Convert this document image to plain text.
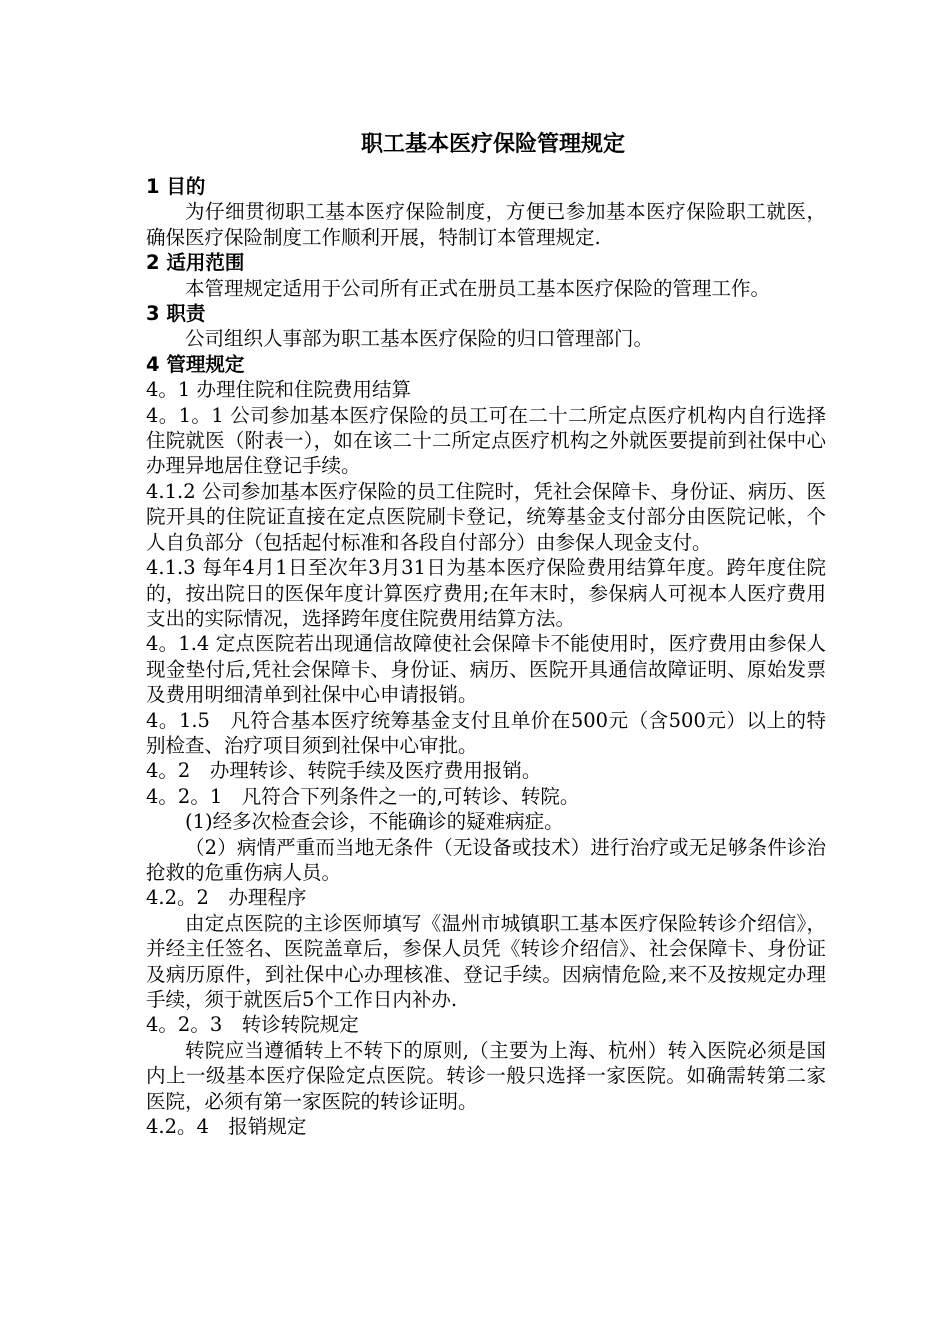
职工基本医疗保险管理规定
1 目的
为仔细贯彻职工基本医疗保险制度，方便已参加基本医疗保险职工就医，确保医疗保险制度工作顺利开展，特制订本管理规定.
2 适用范围
本管理规定适用于公司所有正式在册员工基本医疗保险的管理工作。
3 职责
公司组织人事部为职工基本医疗保险的归口管理部门。
4 管理规定
4。1 办理住院和住院费用结算
4。1。1 公司参加基本医疗保险的员工可在二十二所定点医疗机构内自行选择住院就医（附表一），如在该二十二所定点医疗机构之外就医要提前到社保中心办理异地居住登记手续。
4.1.2 公司参加基本医疗保险的员工住院时，凭社会保障卡、身份证、病历、医院开具的住院证直接在定点医院刷卡登记，统筹基金支付部分由医院记帐，个人自负部分（包括起付标准和各段自付部分）由参保人现金支付。
4.1.3 每年4月1日至次年3月31日为基本医疗保险费用结算年度。跨年度住院的，按出院日的医保年度计算医疗费用;在年末时，参保病人可视本人医疗费用支出的实际情况，选择跨年度住院费用结算方法。
4。1.4 定点医院若出现通信故障使社会保障卡不能使用时，医疗费用由参保人现金垫付后,凭社会保障卡、身份证、病历、医院开具通信故障证明、原始发票及费用明细清单到社保中心申请报销。
4。1.5　凡符合基本医疗统筹基金支付且单价在500元（含500元）以上的特别检查、治疗项目须到社保中心审批。
4。2　办理转诊、转院手续及医疗费用报销。
4。2。1　凡符合下列条件之一的,可转诊、转院。
(1)经多次检查会诊，不能确诊的疑难病症。
（2）病情严重而当地无条件（无设备或技术）进行治疗或无足够条件诊治抢救的危重伤病人员。
4.2。2　办理程序
由定点医院的主诊医师填写《温州市城镇职工基本医疗保险转诊介绍信》，并经主任签名、医院盖章后，参保人员凭《转诊介绍信》、社会保障卡、身份证及病历原件，到社保中心办理核准、登记手续。因病情危险,来不及按规定办理手续，须于就医后5个工作日内补办.
4。2。3　转诊转院规定
转院应当遵循转上不转下的原则,（主要为上海、杭州）转入医院必须是国内上一级基本医疗保险定点医院。转诊一般只选择一家医院。如确需转第二家医院，必须有第一家医院的转诊证明。
4.2。4　报销规定
